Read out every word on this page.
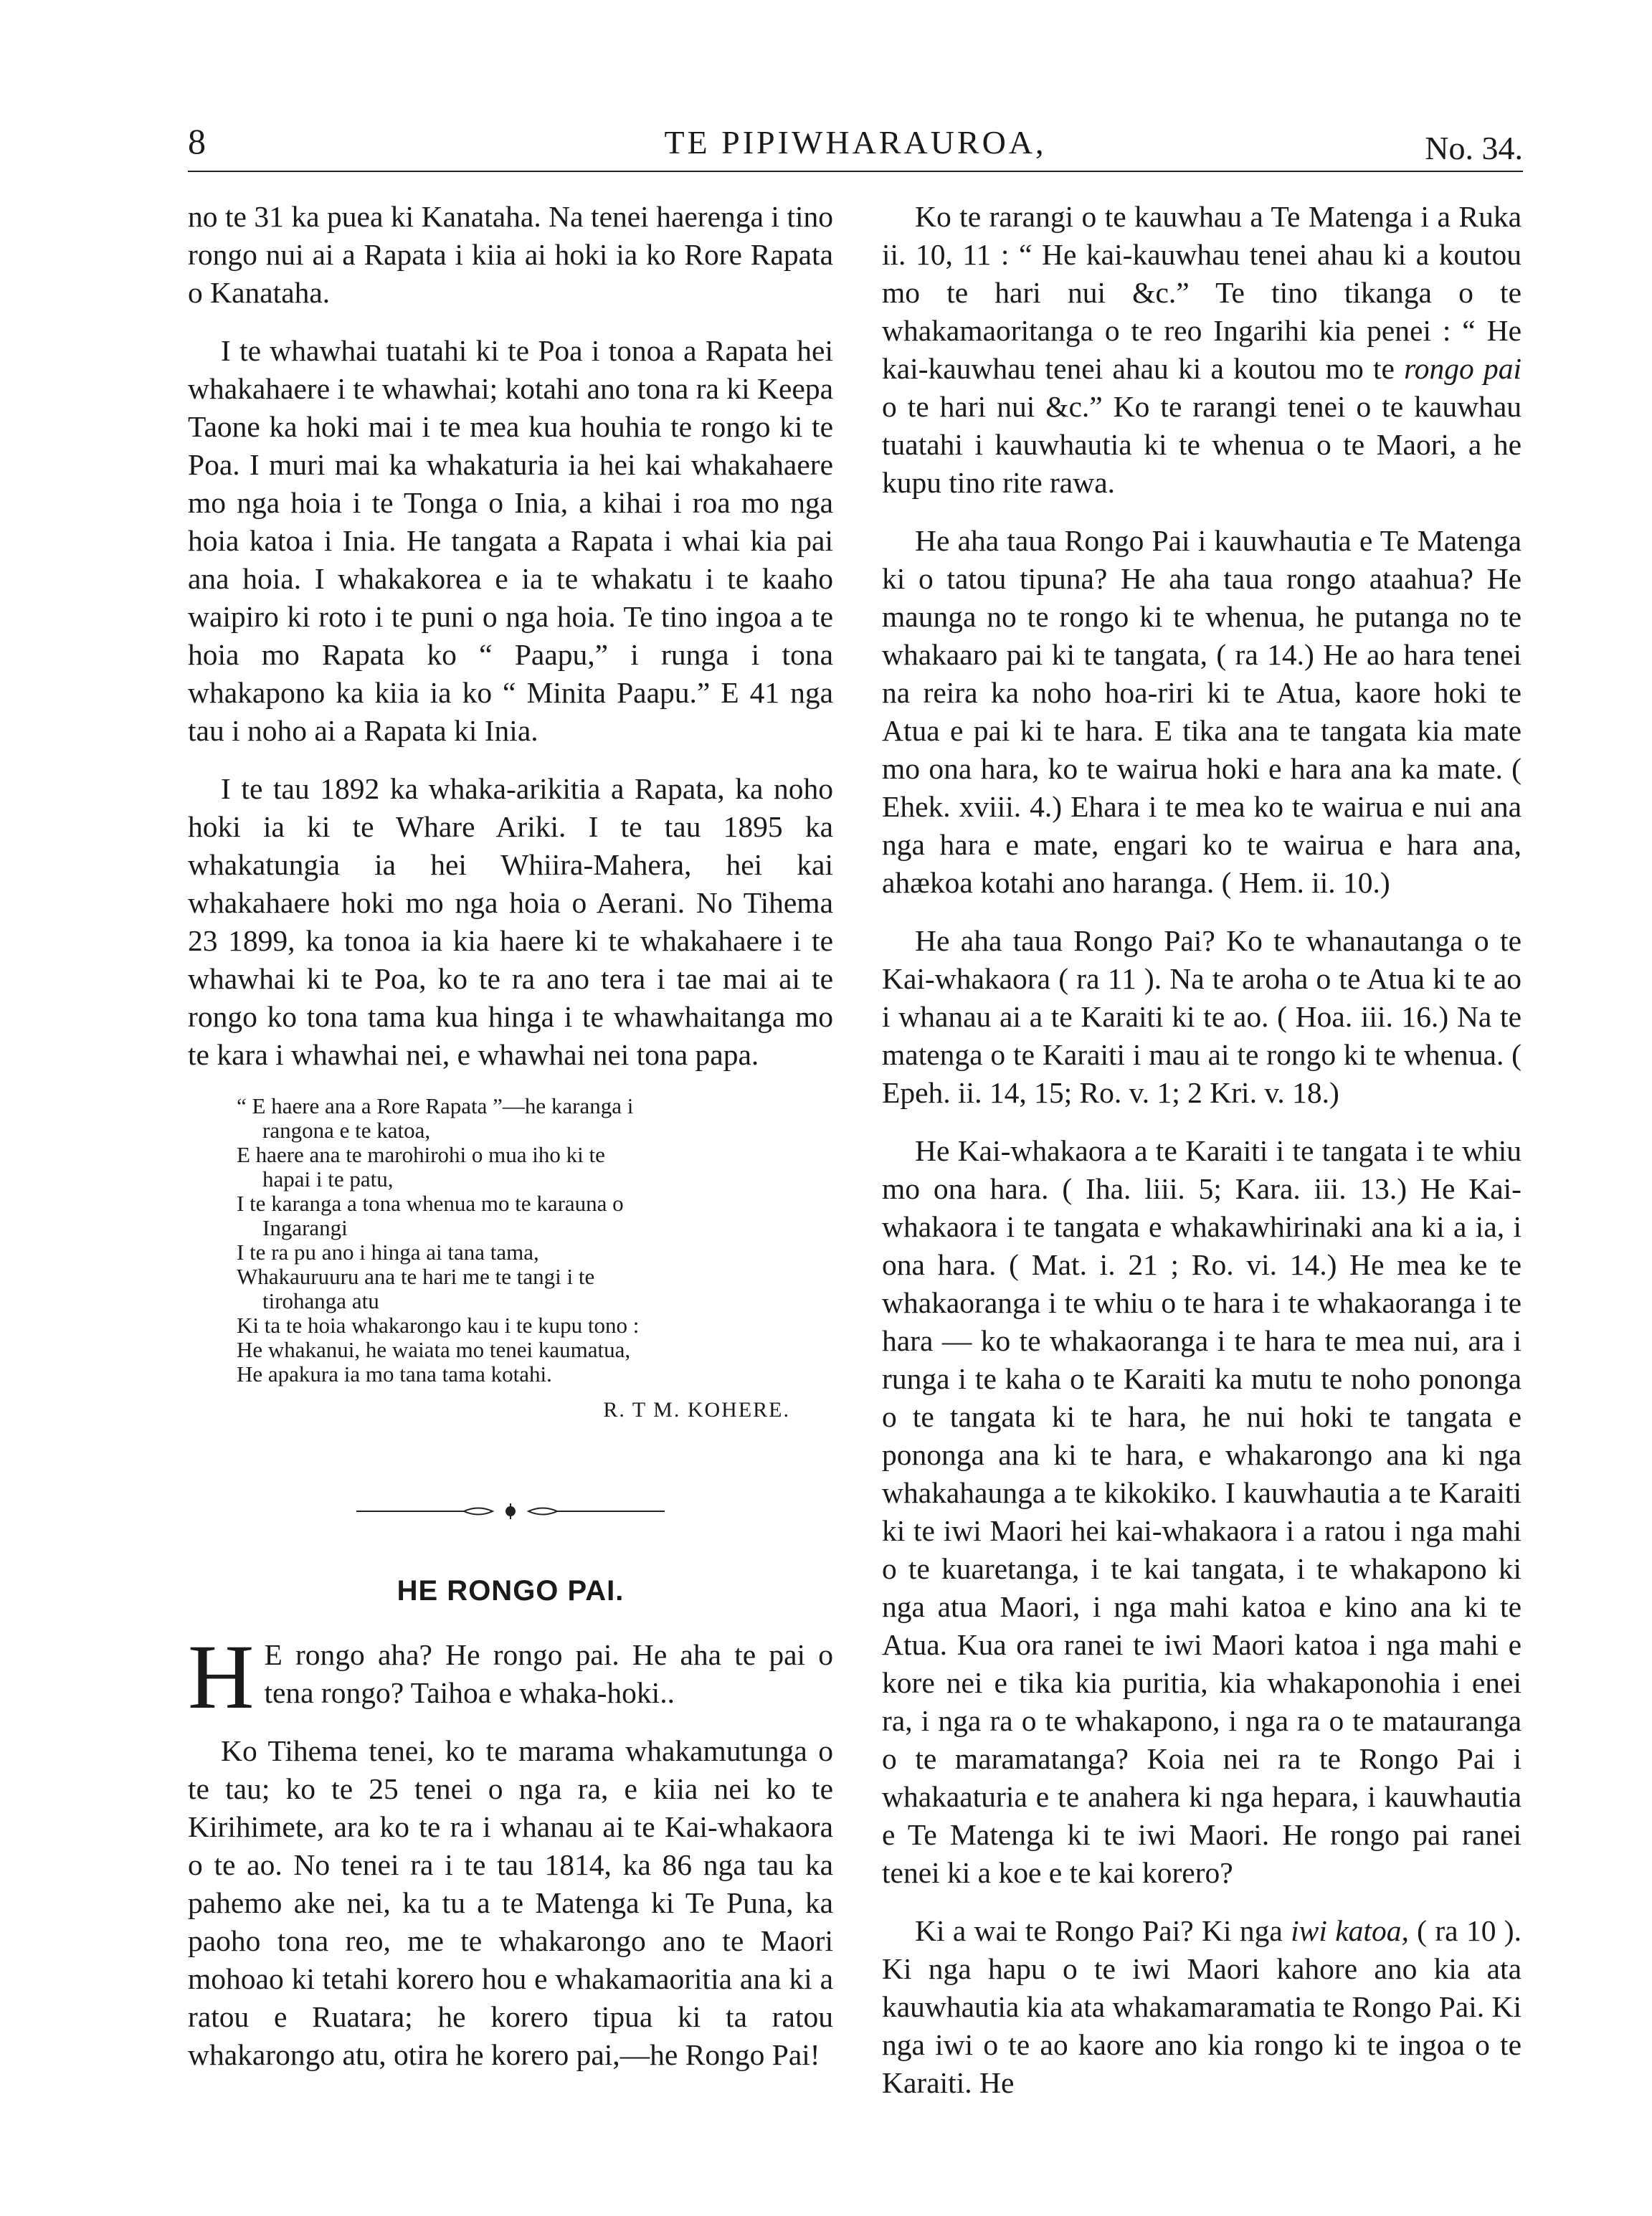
8	TE PIPIWHARAUROA,	No. 34.

no te 31 ka puea ki Kanataha. Na tenei haerenga i tino rongo nui ai a Rapata i kiia ai hoki ia ko Rore Rapata o Kanataha.

I te whawhai tuatahi ki te Poa i tonoa a Rapata hei whakahaere i te whawhai; kotahi ano tona ra ki Keepa Taone ka hoki mai i te mea kua houhia te rongo ki te Poa. I muri mai ka whakaturia ia hei kai whakahaere mo nga hoia i te Tonga o Inia, a kihai i roa mo nga hoia katoa i Inia. He tangata a Rapata i whai kia pai ana hoia. I whakakorea e ia te whakatu i te kaaho waipiro ki roto i te puni o nga hoia. Te tino ingoa a te hoia mo Rapata ko “ Paapu,” i runga i tona whakapono ka kiia ia ko “ Minita Paapu.” E 41 nga tau i noho ai a Rapata ki Inia.

I te tau 1892 ka whaka-arikitia a Rapata, ka noho hoki ia ki te Whare Ariki. I te tau 1895 ka whakatungia ia hei Whiira-Mahera, hei kai whakahaere hoki mo nga hoia o Aerani. No Tihema 23 1899, ka tonoa ia kia haere ki te whakahaere i te whawhai ki te Poa, ko te ra ano tera i tae mai ai te rongo ko tona tama kua hinga i te whawhaitanga mo te kara i whawhai nei, e whawhai nei tona papa.

“ E haere ana a Rore Rapata ”—he karanga i
rangona e te katoa,
E haere ana te marohirohi o mua iho ki te
hapai i te patu,
I te karanga a tona whenua mo te karauna o
Ingarangi
I te ra pu ano i hinga ai tana tama,
Whakauruuru ana te hari me te tangi i te
tirohanga atu
Ki ta te hoia whakarongo kau i te kupu tono :
He whakanui, he waiata mo tenei kaumatua,
He apakura ia mo tana tama kotahi.
R. T M. KOHERE.
HE RONGO PAI.

H E rongo aha? He rongo pai. He aha te pai o tena rongo? Taihoa e whaka-hoki..

Ko Tihema tenei, ko te marama whakamutunga o te tau; ko te 25 tenei o nga ra, e kiia nei ko te Kirihimete, ara ko te ra i whanau ai te Kai-whakaora o te ao. No tenei ra i te tau 1814, ka 86 nga tau ka pahemo ake nei, ka tu a te Matenga ki Te Puna, ka paoho tona reo, me te whakarongo ano te Maori mohoao ki tetahi korero hou e whakamaoritia ana ki a ratou e Ruatara; he korero tipua ki ta ratou whakarongo atu, otira he korero pai,—he Rongo Pai!

Ko te rarangi o te kauwhau a Te Matenga i a Ruka ii. 10, 11 : “ He kai-kauwhau tenei ahau ki a koutou mo te hari nui &c.” Te tino tikanga o te whakamaoritanga o te reo Ingarihi kia penei : “ He kai-kauwhau tenei ahau ki a koutou mo te rongo pai o te hari nui &c.” Ko te rarangi tenei o te kauwhau tuatahi i kauwhautia ki te whenua o te Maori, a he kupu tino rite rawa.

He aha taua Rongo Pai i kauwhautia e Te Matenga ki o tatou tipuna? He aha taua rongo ataahua? He maunga no te rongo ki te whenua, he putanga no te whakaaro pai ki te tangata, ( ra 14.) He ao hara tenei na reira ka noho hoa-riri ki te Atua, kaore hoki te Atua e pai ki te hara. E tika ana te tangata kia mate mo ona hara, ko te wairua hoki e hara ana ka mate. ( Ehek. xviii. 4.) Ehara i te mea ko te wairua e nui ana nga hara e mate, engari ko te wairua e hara ana, ahækoa kotahi ano haranga. ( Hem. ii. 10.)

He aha taua Rongo Pai? Ko te whanautanga o te Kai-whakaora ( ra 11 ). Na te aroha o te Atua ki te ao i whanau ai a te Karaiti ki te ao. ( Hoa. iii. 16.) Na te matenga o te Karaiti i mau ai te rongo ki te whenua. ( Epeh. ii. 14, 15; Ro. v. 1; 2 Kri. v. 18.)

He Kai-whakaora a te Karaiti i te tangata i te whiu mo ona hara. ( Iha. liii. 5; Kara. iii. 13.) He Kai-whakaora i te tangata e whakawhirinaki ana ki a ia, i ona hara. ( Mat. i. 21 ; Ro. vi. 14.) He mea ke te whakaoranga i te whiu o te hara i te whakaoranga i te hara — ko te whakaoranga i te hara te mea nui, ara i runga i te kaha o te Karaiti ka mutu te noho pononga o te tangata ki te hara, he nui hoki te tangata e pononga ana ki te hara, e whakarongo ana ki nga whakahaunga a te kikokiko. I kauwhautia a te Karaiti ki te iwi Maori hei kai-whakaora i a ratou i nga mahi o te kuaretanga, i te kai tangata, i te whakapono ki nga atua Maori, i nga mahi katoa e kino ana ki te Atua. Kua ora ranei te iwi Maori katoa i nga mahi e kore nei e tika kia puritia, kia whakaponohia i enei ra, i nga ra o te whakapono, i nga ra o te matauranga o te maramatanga? Koia nei ra te Rongo Pai i whakaaturia e te anahera ki nga hepara, i kauwhautia e Te Matenga ki te iwi Maori. He rongo pai ranei tenei ki a koe e te kai korero?

Ki a wai te Rongo Pai? Ki nga iwi katoa, ( ra 10 ). Ki nga hapu o te iwi Maori kahore ano kia ata kauwhautia kia ata whakamaramatia te Rongo Pai. Ki nga iwi o te ao kaore ano kia rongo ki te ingoa o te Karaiti. He
